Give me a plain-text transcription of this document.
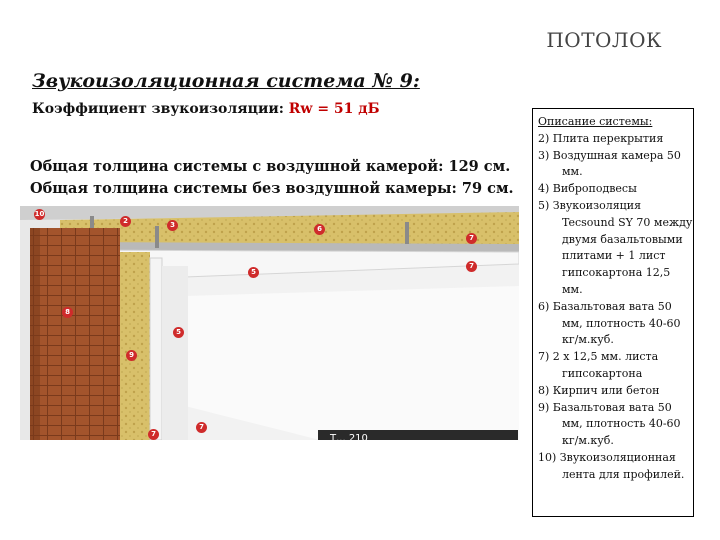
ПОТОЛОК
Звукоизоляционная система № 9:
Коэффициент звукоизоляции: Rw = 51 дБ
Общая толщина системы с воздушной камерой: 129 см.
Общая толщина системы без воздушной камеры: 79 см.
10
2	3	6
7
5
7
8
5
9
7
7	Т... 210
Описание системы:
2) Плита перекрытия
3) Воздушная камера 50 мм.
4) Виброподвесы
5) Звукоизоляция Tecsound SY 70 между двумя базальтовыми плитами + 1 лист гипсокартона 12,5 мм.
6) Базальтовая вата 50 мм, плотность 40-60 кг/м.куб.
7) 2 х 12,5 мм. листа гипсокартона
8) Кирпич или бетон
9) Базальтовая вата 50 мм, плотность 40-60 кг/м.куб.
10) Звукоизоляционная лента для профилей.
